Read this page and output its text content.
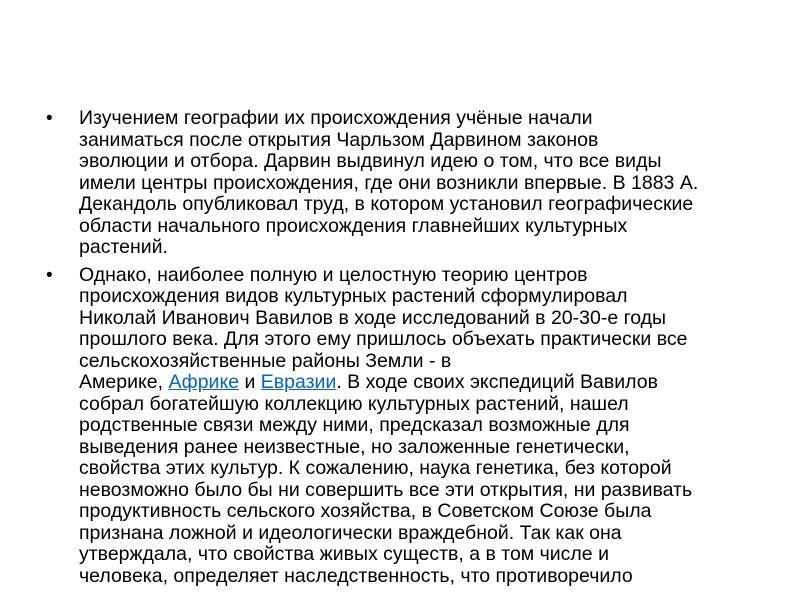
• Изучением географии их происхождения учёные начали
заниматься после открытия Чарльзом Дарвином законов
эволюции и отбора. Дарвин выдвинул идею о том, что все виды
имели центры происхождения, где они возникли впервые. В 1883 А.
Декандоль опубликовал труд, в котором установил географические
области начального происхождения главнейших культурных
растений.
• Однако, наиболее полную и целостную теорию центров
происхождения видов культурных растений сформулировал
Николай Иванович Вавилов в ходе исследований в 20-30-е годы
прошлого века. Для этого ему пришлось объехать практически все
сельскохозяйственные районы Земли - в
Америке, Африке и Евразии. В ходе своих экспедиций Вавилов
собрал богатейшую коллекцию культурных растений, нашел
родственные связи между ними, предсказал возможные для
выведения ранее неизвестные, но заложенные генетически,
свойства этих культур. К сожалению, наука генетика, без которой
невозможно было бы ни совершить все эти открытия, ни развивать
продуктивность сельского хозяйства, в Советском Союзе была
признана ложной и идеологически враждебной. Так как она
утверждала, что свойства живых существ, а в том числе и
человека, определяет наследственность, что противоречило
